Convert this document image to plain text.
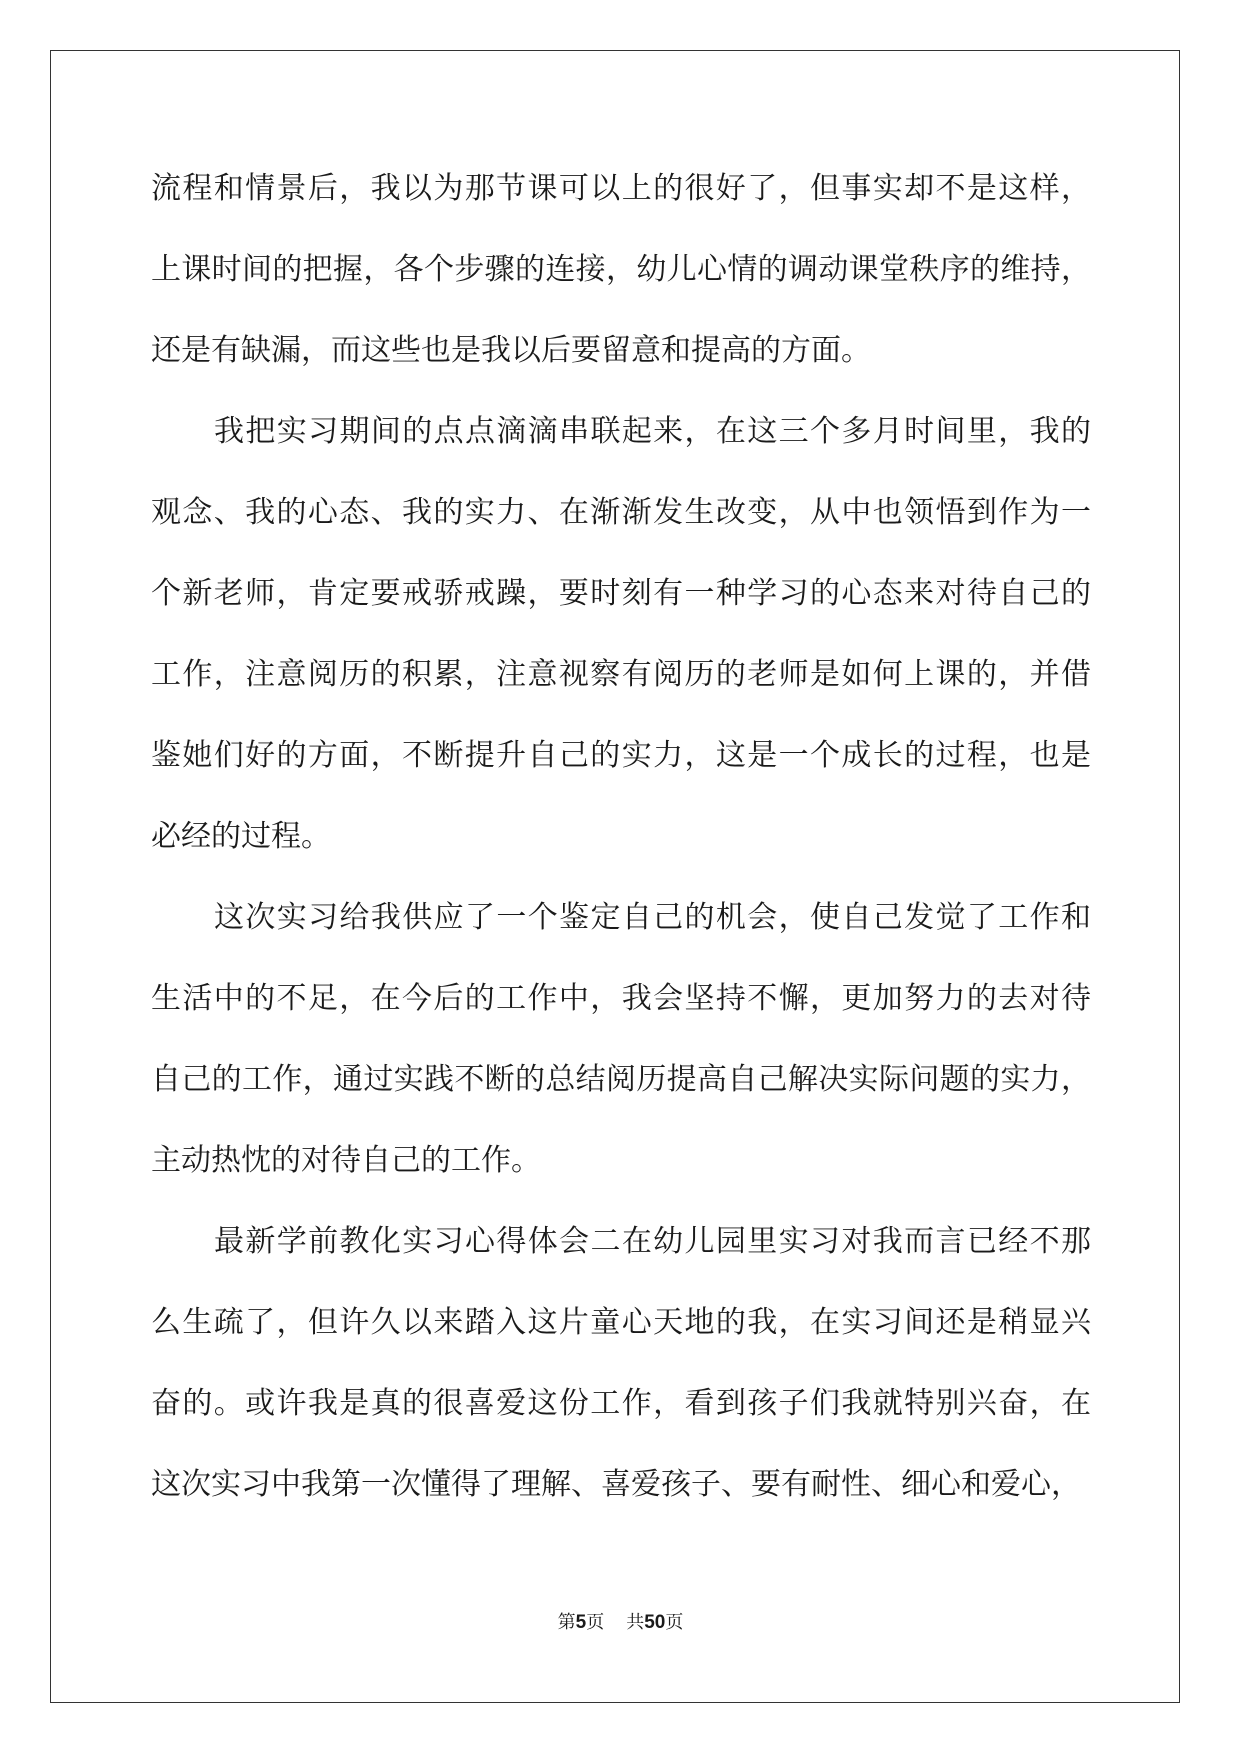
流程和情景后，我以为那节课可以上的很好了，但事实却不是这样，
上课时间的把握，各个步骤的连接，幼儿心情的调动课堂秩序的维持，
还是有缺漏，而这些也是我以后要留意和提高的方面。
我把实习期间的点点滴滴串联起来，在这三个多月时间里，我的
观念、我的心态、我的实力、在渐渐发生改变，从中也领悟到作为一
个新老师，肯定要戒骄戒躁，要时刻有一种学习的心态来对待自己的
工作，注意阅历的积累，注意视察有阅历的老师是如何上课的，并借
鉴她们好的方面，不断提升自己的实力，这是一个成长的过程，也是
必经的过程。
这次实习给我供应了一个鉴定自己的机会，使自己发觉了工作和
生活中的不足，在今后的工作中，我会坚持不懈，更加努力的去对待
自己的工作，通过实践不断的总结阅历提高自己解决实际问题的实力，
主动热忱的对待自己的工作。
最新学前教化实习心得体会二在幼儿园里实习对我而言已经不那
么生疏了，但许久以来踏入这片童心天地的我，在实习间还是稍显兴
奋的。或许我是真的很喜爱这份工作，看到孩子们我就特别兴奋，在
这次实习中我第一次懂得了理解、喜爱孩子、要有耐性、细心和爱心，
第5页 共50页
